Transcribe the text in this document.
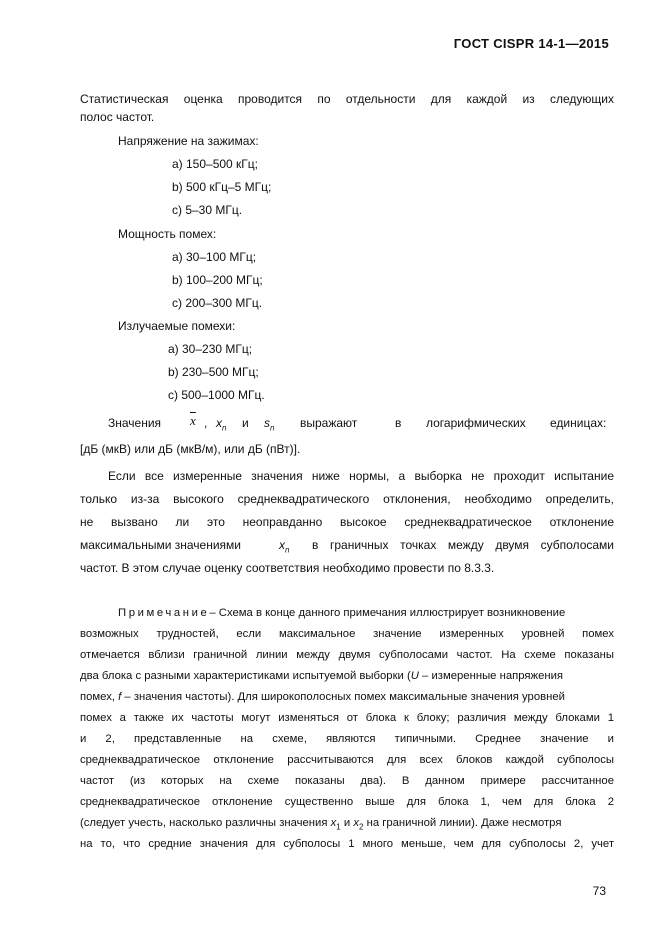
ГОСТ CISPR 14-1—2015
Статистическая оценка проводится по отдельности для каждой из следующих
полос частот.
Напряжение на зажимах:
a) 150–500 кГц;
b) 500 кГц–5 МГц;
c) 5–30 МГц.
Мощность помех:
a) 30–100 МГц;
b) 100–200 МГц;
c) 200–300 МГц.
Излучаемые помехи:
a) 30–230 МГц;
b) 230–500 МГц;
c) 500–1000 МГц.
Значения $\overline{x}$ , $x_n$ и $s_n$ выражают	в логарифмических единицах:
[дБ (мкВ) или дБ (мкВ/м), или дБ (пВт)].
Если все измеренные значения ниже нормы, а выборка не проходит испытание
только из-за высокого среднеквадратического отклонения, необходимо определить,
не вызвано ли это неоправданно высокое среднеквадратическое отклонение
максимальными значениями	$x_n$ в граничных точках между двумя субполосами
частот. В этом случае оценку соответствия необходимо провести по 8.3.3.
Примечание– Схема в конце данного примечания иллюстрирует возникновение
возможных трудностей, если максимальное значение измеренных уровней помех
отмечается вблизи граничной линии между двумя субполосами частот. На схеме показаны
два блока с разными характеристиками испытуемой выборки (U – измеренные напряжения
помех, f – значения частоты). Для широкополосных помех максимальные значения уровней
помех а также их частоты могут изменяться от блока к блоку; различия между блоками 1
и 2, представленные на схеме, являются типичными. Среднее значение и
среднеквадратическое отклонение рассчитываются для всех блоков каждой субполосы
частот (из которых на схеме показаны два). В данном примере рассчитанное
среднеквадратическое отклонение существенно выше для блока 1, чем для блока 2
(следует учесть, насколько различны значения $x_1$ и $x_2$ на граничной линии). Даже несмотря
на то, что средние значения для субполосы 1 много меньше, чем для субполосы 2, учет
73
